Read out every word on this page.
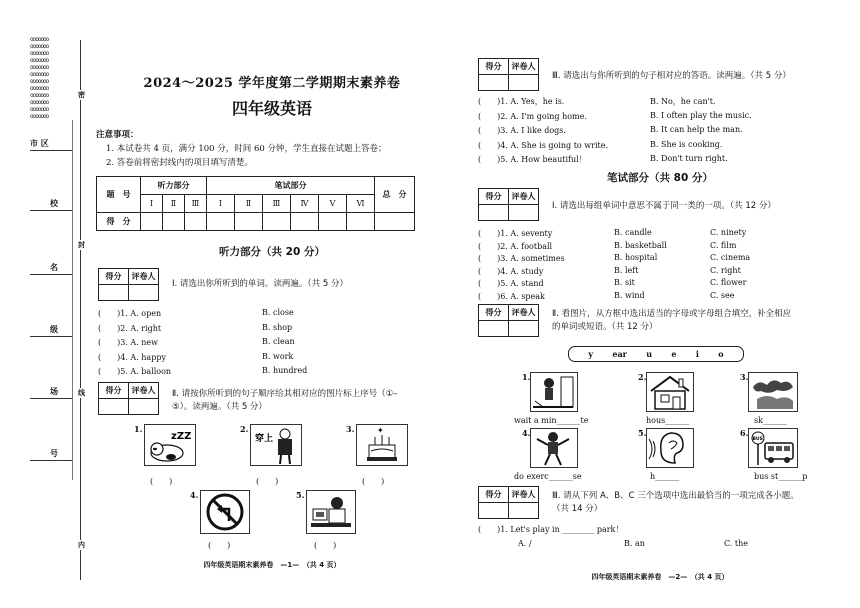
ooooooo
ooooooo
ooooooo
ooooooo
ooooooo
ooooooo
ooooooo
ooooooo
ooooooo
ooooooo
ooooooo
ooooooo
市 区
校
名
级
场
号
密
封
线
内
2024～2025 学年度第二学期期末素养卷
四年级英语
注意事项：
1. 本试卷共 4 页，满分 100 分，时间 60 分钟，学生直接在试题上答卷；
2. 答卷前将密封线内的项目填写清楚。
题　号	听力部分			笔试部分						总　分
	Ⅰ	Ⅱ	Ⅲ	Ⅰ	Ⅱ	Ⅲ	Ⅳ	Ⅴ	Ⅵ	
得　分										
听力部分（共 20 分）
得分	评卷人

Ⅰ. 请选出你所听到的单词。读两遍。（共 5 分）
(　　)1. A. open	B. close
(　　)2. A. right	B. shop
(　　)3. A. new	B. clean
(　　)4. A. happy	B. work
(　　)5. A. balloon	B. hundred
得分	评卷人
	Ⅱ. 请按你所听到的句子顺序给其相对应的图片标上序号（①–
⑤）。读两遍。（共 5 分）
1.
zZZ
(　　)
2.
穿上
(　　)
3.	✦
(　　)
4.	5.
(　　)	(　　)
四年级英语期末素养卷　—1—　（共 4 页）
得分	评卷人

Ⅲ. 请选出与你所听到的句子相对应的答语。读两遍。（共 5 分）
(　　)1. A. Yes，he is.	B. No，he can't.
(　　)2. A. I'm going home.	B. I often play the music.
(　　)3. A. I like dogs.	B. It can help the man.
(　　)4. A. She is going to write.	B. She is cooking.
(　　)5. A. How beautiful！	B. Don't turn right.
笔试部分（共 80 分）
得分	评卷人

Ⅰ. 请选出每组单词中意思不属于同一类的一项。（共 12 分）
(　　)1. A. seventy	B. candle	C. ninety
(　　)2. A. football	B. basketball	C. film
(　　)3. A. sometimes	B. hospital	C. cinema
(　　)4. A. study	B. left	C. right
(　　)5. A. stand	B. sit	C. flower
(　　)6. A. speak	B. wind	C. see
得分	评卷人
	Ⅱ. 看图片，从方框中选出适当的字母或字母组合填空，补全相应
的单词或短语。（共 12 分）
y ear u e i o
1.
wait a min______te
2.
hous______
3.
sk______
4.
do exerc______se
5.
h______
6.
BUS
bus st______p
得分	评卷人
	Ⅲ. 请从下列 A、B、C 三个选项中选出最恰当的一项完成各小题。
（共 14 分）
(　　)1. Let's play in ________ park！
A. /	B. an	C. the
四年级英语期末素养卷　—2—　（共 4 页）
